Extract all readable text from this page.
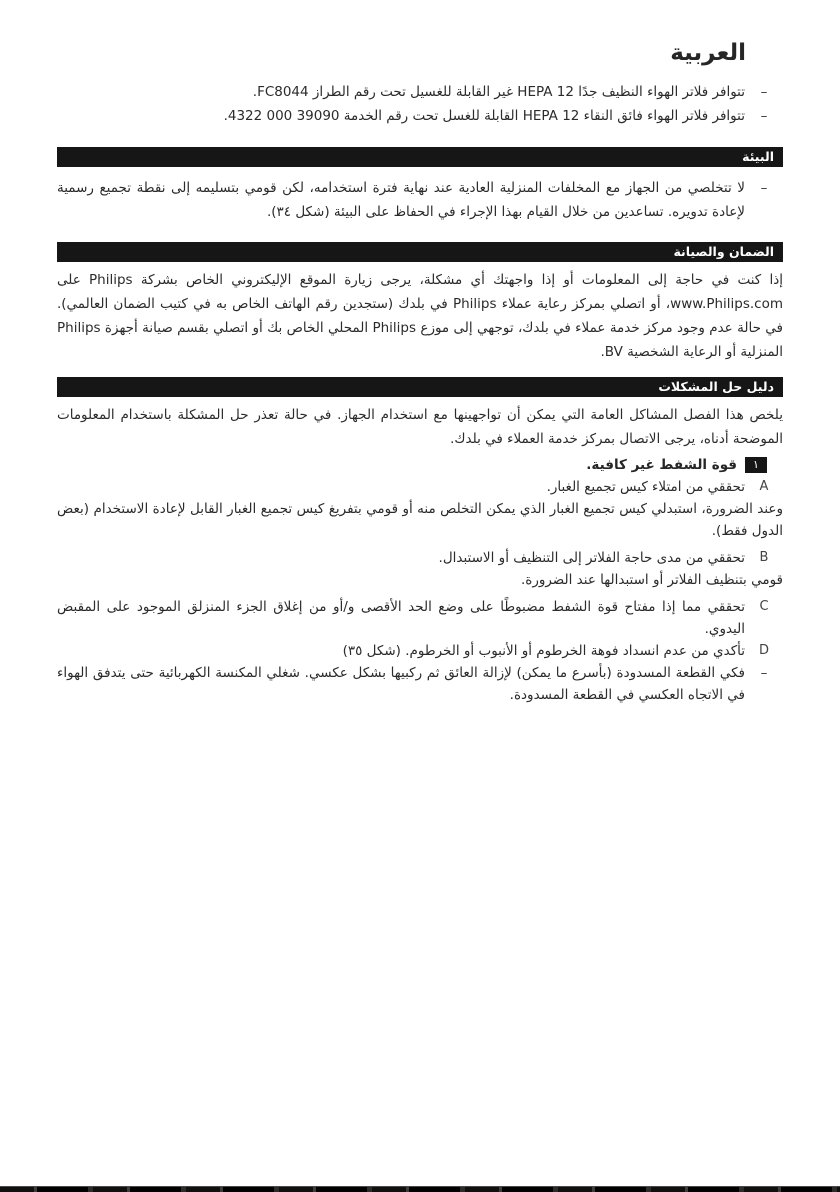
العربية
–
تتوافر فلاتر الهواء النظيف جدًا HEPA 12 غير القابلة للغسيل تحت رقم الطراز FC8044.
–
تتوافر فلاتر الهواء فائق النقاء HEPA 12 القابلة للغسل تحت رقم الخدمة ‪4322 000 39090‬.
البيئة
–
لا تتخلصي من الجهاز مع المخلفات المنزلية العادية عند نهاية فترة استخدامه، لكن قومي بتسليمه إلى نقطة تجميع رسمية لإعادة تدويره. تساعدين من خلال القيام بهذا الإجراء في الحفاظ على البيئة (شكل ٣٤).
الضمان والصيانة
إذا كنت في حاجة إلى المعلومات أو إذا واجهتك أي مشكلة، يرجى زيارة الموقع الإليكتروني الخاص بشركة Philips على www.Philips.com، أو اتصلي بمركز رعاية عملاء Philips في بلدك (ستجدين رقم الهاتف الخاص به في كتيب الضمان العالمي). في حالة عدم وجود مركز خدمة عملاء في بلدك، توجهي إلى موزع Philips المحلي الخاص بك أو اتصلي بقسم صيانة أجهزة Philips المنزلية أو الرعاية الشخصية BV.
دليل حل المشكلات
يلخص هذا الفصل المشاكل العامة التي يمكن أن تواجهينها مع استخدام الجهاز. في حالة تعذر حل المشكلة باستخدام المعلومات الموضحة أدناه، يرجى الاتصال بمركز خدمة العملاء في بلدك.
١
قوة الشفط غير كافية.
A
تحققي من امتلاء كيس تجميع الغبار.
وعند الضرورة، استبدلي كيس تجميع الغبار الذي يمكن التخلص منه أو قومي بتفريغ كيس تجميع الغبار القابل لإعادة الاستخدام (بعض الدول فقط).
B
تحققي من مدى حاجة الفلاتر إلى التنظيف أو الاستبدال.
قومي بتنظيف الفلاتر أو استبدالها عند الضرورة.
C
تحققي مما إذا مفتاح قوة الشفط مضبوطًا على وضع الحد الأقصى و/أو من إغلاق الجزء المنزلق الموجود على المقبض اليدوي.
D
تأكدي من عدم انسداد فوهة الخرطوم أو الأنبوب أو الخرطوم. (شكل ٣٥)
–
فكي القطعة المسدودة (بأسرع ما يمكن) لإزالة العائق ثم ركبيها بشكل عكسي. شغلي المكنسة الكهربائية حتى يتدفق الهواء في الاتجاه العكسي في القطعة المسدودة.
